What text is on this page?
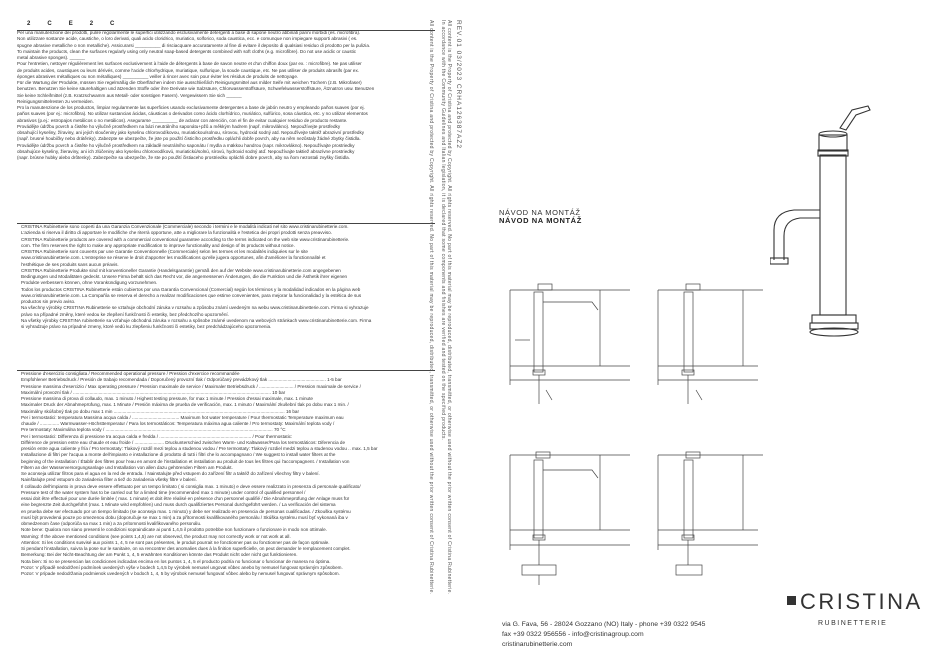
2	C	E	2	C
Per una manutenzione dei prodotti, pulire regolarmente le superfici utilizzando esclusivamente detergenti a base di sapone neutro abbinati panni morbidi (es. microfibra).
Non utilizzare sostanze acide, caustiche, o loro derivati, quali acido cloridrico, muriatico, solforico, soda caustica, ecc. e comunque non impiegare supporti abrasivi ( es.
spugne abrasive metalliche o non metalliche). Assicurarsi __________ di risciacquare accuratamente al fine di evitare il deposito di qualsiasi residuo di prodotto per la pulizia.
To maintain the products, clean the surfaces regularly using only neutral soap-based detergents combined with soft cloths (e.g. microfibre). Do not use acidic or caustic
metal abrasive sponges). ______
Pour l'entretien, nettoyer régulièrement les surfaces exclusivement à l'aide de détergents à base de savon neutre et d'un chiffon doux (par ex. : microfibre). Ne pas utiliser
de produits acides, caustiques ou leurs dérivés, comme l'acide chlorhydrique, muriatique, sulfurique, la soude caustique, etc. Ne pas utiliser de produits abrasifs (par ex.
éponges abrasives métalliques ou non métalliques) __________ veiller à rincer avec soin pour éviter les résidus de produits de nettoyage.
Für die Wartung der Produkte, müssen Sie regelmäßig die Oberflächen indem Sie ausschließlich Reinigungsmittel aus milder Seife mit weichen Tüchern (z.B. Mikrofaser)
benutzen. Benutzen Sie keine säurehaltigen und ätzenden Stoffe oder ihre Derivate wie Salzsäure, Chlorwasserstoffsäure, Schwefelwasserstoffsäure, Ätznatron usw. Benutzen
Sie keine Schleifmittel (z.B. Kratzschwamm aus Metall- oder sonstigen Fasern). Vergewissern Sie sich ______
Reinigungsmittelresten zu vermeiden.
Pro la manutenzione de los productos, limpiar regularmente las superficies usando exclusivamente detergentes a base de jabón neutro y empleando paños suaves (por ej.
paños suaves (por ej.: microfibra). No utilizar sustancias ácidas, cáusticas o derivados como ácido clorhídrico, muriático, sulfúrico, sosa cáustica, etc. y no utilizar elementos
abrasivos (p.ej.: estropajos metálicos o no metálicos). Asegurarse __________ de aclarar con atención, con el fin de evitar cualquier residuo de producto restante.
Provádějte údržbu povrch a čistěte ho výlučně prostředkem na bázi neutrálního saponátu+pžů a měkkým hadrem (např. mikrovlákno). Nepoužívejte prostředky
obsahující kyseliny, žíraviny, ani jejich sloučeniny jako kyselinu chlorovodíkovou, muriatickou/solnou, sírovou, hydroxid sodný atd. Nepoužívejte taktéž abrazivní prostředky
(např. brusné houbičky nebo drátěnky). Zabezpte se ubezpečte, že jste po použití čisticího prostředku opláchli dobře povrch, aby na něm nezůstaly žádné zbytky čistidla.
Provádějte údržbu povrch a čistěte ho výlučně prostředkem na základě neutrálního saponátu / mydla a mäkkou handrou (napr. mikrovlákno). Nepoužívajte prostriedky
obsahujúce kyseliny, žieraviny, ani ich zlúčeniny ako kyselinu chlorovodíkovú, muriatickú/solnú, sírovú, hydroxid sodný atď. Nepoužívajte taktiež abrazívne prostriedky
(napr. brúsne hubky alebo drôtenky). Zabezpečte sa ubezpečte, že ste po použití čistiaceho prostriedku opláchli dobre povrch, aby na ňom nezostali zvyšky čistidla.
CRISTINA Rubinetterie sono coperti da una Garanzia Convenzionale (Commerciale) secondo i termini e le modalità indicati nel sito www.cristinarubinetterie.com.
L'azienda si riserva il diritto di apportare le modifiche che riterrà opportune, atte a migliorare la funzionalità e l'estetica dei propri prodotti senza preavviso.
CRISTINA Rubinetterie products are covered with a commercial conventional guarantee according to the terms indicated on the web site www.cristinarubinetterie.
com. The firm reserves the right to make any appropriate modification to improve functionality and design of its products without notice.
CRISTINA Rubinetterie sont couverts par une Garantie Conventionnelle (Commerciale) selon les termes et les modalités indiquées sur le site
www.cristinarubinetterie.com. L'entreprise se réserve le droit d'apporter les modifications qu'elle jugera opportunes, afin d'améliorer la fonctionnalité et
l'esthétique de ses produits sans aucun préavis.
CRISTINA Rubinetterie Produkte sind mit konventioneller Garantie (Handelsgarantie) gemäß den auf der Website www.cristinarubinetterie.com angegebenen
Bedingungen und Modalitäten gedeckt. Unsere Firma behält sich das Recht vor, die angemessenen Änderungen, die die Funktion und die Ästhetik ihrer eigenen
Produkte verbessern können, ohne Vorankündigung vorzunehmen.
Todos los productos CRISTINA Rubinetterie están cubiertos por una Garantía Convencional (Comercial) según los términos y la modalidad indicados en la página web
www.cristinarubinetterie.com. La Compañía se reserva el derecho a realizar modificaciones que estime convenientes, para mejorar la funcionalidad y la estética de sus
productos sin previo aviso.
Na všechny výrobky CRISTINA Rubinetterie se vztahuje obchodní záruka v rozsahu a způsobu známí uvedeným na webu www.cristinarubinetterie.com. Firma si vyhrazuje
právo na případné změny, které vedou ke zlepšení funkčnosti či estetiky, bez předchozího upozornění.
Na všetky výrobky CRISTINA rubinetterie sa vzťahuje obchodná záruka v rozsahu a spôsobe známé uvedenom na webových stránkach www.cristinarubinetterie.com. Firma
si vyhradzuje právo na prípadné zmeny, ktoré vedú ku zlepšeniu funkčnosti či estetiky, bez predchádzajúceho upozornenia.
Pressione d'esercizio consigliata / Recommended operational pressure / Pression d'exercice recommandée
Empfohlener Betriebsdruck / Presión de trabajo recomendada / Doporučený provozní tlak / Odporúčaný prevádzkový tlak ............................................. 1-5 bar
Pressione massima d'esercizio / Max operating pressure / Pression maximale de service / Maximaler Betriebsdruck / ........................... / Pression maximale de service /
Maximální provozní tlak / ........................................................................................................................................................... 10 bar
Pressione massima di prova di collaudo, max. 1 minuto / Highest testing pressure, for max 1 minute / Pression d'essai maximale, max. 1 minute
Maximaler Druck der Abnahmeprüfung, max. 1 Minute / Presión máxima de prueba de verificación, max. 1 minuto / Maximální zkušební tlak po dobu max 1 min. /
Maximálny skúšobný tlak po dobu max 1 min ...................................................................................................................................... 16 bar
Per i termostatici: temperatura Massima acqua calda / ..................................... Maximum hot water temperature / Pour thermostatic Temperature maximum eau
chaude / ............... Warmwasser-Höchsttemperatur / Para los termostáticos: Temperatura máxima agua caliente / Pro termostaty: Maximální teplota vody /
Pre termostaty: Maximálna teplota vody / ................................................................................................................................... 70 °C
Per i termostatici: Differenza di pressione tra acqua calda e fredda / ........................................................................ / Pour thermostatic:
Différence de pression entre eau chaude et eau froide / ....................... Druckunterschied zwischen Warm- und Kaltwasser/Para los termostáticos: Diferencia de
presión entre agua caliente y fría / Pro termostaty: Tlakový rozdíl mezi teplou a studenou vodou / Pre termostaty: Tlakový rozdiel medzi teplou a studenou vodou .. max. 1,5 bar
Installazione di filtri per l'acqua a monte dell'impianto e installazione di prodotto di tutti i filtri che lo accompagnano / We suggest to install water filters at the
beginning of the installation / Établir des filtres pour l'eau en amont de l'installation et installation au produit de tous les filtres qui l'accompagnent. / Installation von
Filtern an der Wasserversorgungsanlage und Installation von allen dazu gehörenden Filtern am Produkt.
Se aconseja utilizar filtros para el agua en la red de entrada. / Nainstalujte před vstupem do zařízení filtr a taktéž do zařízení všechny filtry v balení.
Nainštalujte pred vstupom do zariadenia filter a tiež do zariadenia všetky filtre v balení.
Il collaudo dell'impianto in prova deve essere effettuato per un tempo limitato ( si consiglia max. 1 minuto) e deve essere realizzato in presenza di personale qualificato/
Pressure test of the water system has to be carried out for a limited time (recommended max 1 minute) under control of qualified personnel /
essai doit être effectué pour une durée limitée ( max. 1 minute) et doit être réalisé en présence d'un personnel qualifié / Die Abnahmeprüfung der Anlage muss für
eine begrenzte Zeit durchgeführt (max. 1 Minute wird empfohlen) und muss durch qualifiziertes Personal durchgeführt werden. / La verificación del sistema
en prueba debe ser efectuado por un tiempo limitado (se aconseja max. 1 minuto) y debe ser realizado en presencia de personas cualificadas. / Zkouška systému
musí být provedená pouze po omezenou dobu (doporučuje se max 1 min) a za přítomnosti kvalifikovaného personálu / Skúška systému musí byť vykonaná iba v
obmedzenom čase (odporúča sa max 1 min) a za prítomnosti kvalifikovaného personálu.
Note bene: Qualora non siano presenti le condizioni sopraindicate ai punti 1,4,5 il prodotto potrebbe non funzionare o funzionare in modo non ottimale.
Warning: If the above mentioned conditions (see points 1,4,5) are not observed, the product may not correctly work or not work at all.
Attention: Si les conditions susvisé aux points 1, 4, 5 ne sont pas présentes, le produit pourrait ne fonctionner pas ou fonctionner pas de façon optimale.
Si pendant l'installation, suivra la pose sur le sanitaire, on va rencontrer des anomalies dues à la finition superficielle, on peut demander le remplacement complet.
Bemerkung: Bei der Nicht-Beachtung der am Punkt 1, 4, 5 erwähnten Konditionen könnte das Produkt nicht oder nicht gut funktionieren.
Nota bien: Si no se presencian las condiciones indicadas encima en los puntos 1, 4, 5 el producto podría no funcionar o funcionar de manera no óptima.
Pozor: V případě nedodržení podmínek uvedených výše v bodech 1,4,5 by výrobek nemusel ungovat vůbec anebo by nemusel fungovat správným způsobem.
Pozor: V prípade nedodržania podmienok uvedených v bodoch 1, 4, 5 by výrobok nemusel fungovať vôbec alebo by nemusel fungovať správnym spôsobom.
REV.01 03/2023 CRHA126387AZ2
All content is the Property of Cristina and protected by Copyright. All rights reserved. No part of this material may be reproduced, distributed, transmitted, or otherwise used without the prior written consent of Cristina Rubinetterie.
In accordance with the Community Guidelines and Italian legislation, it is declared that some components and finishes are verified and tested on the specified products.
All content is the Property of Cristina and protected by Copyright. All rights reserved. No part of this material may be reproduced, distributed, transmitted, or otherwise used without the prior written consent of Cristina Rubinetterie.	NÁVOD NA MONTÁŽ
NÁVOD NA MONTÁŽ
via G. Fava, 56 - 28024 Gozzano (NO) Italy - phone +39 0322 9545
fax +39 0322 956556 - info@cristinagroup.com
cristinarubinetterie.com
CRISTINA
RUBINETTERIE
